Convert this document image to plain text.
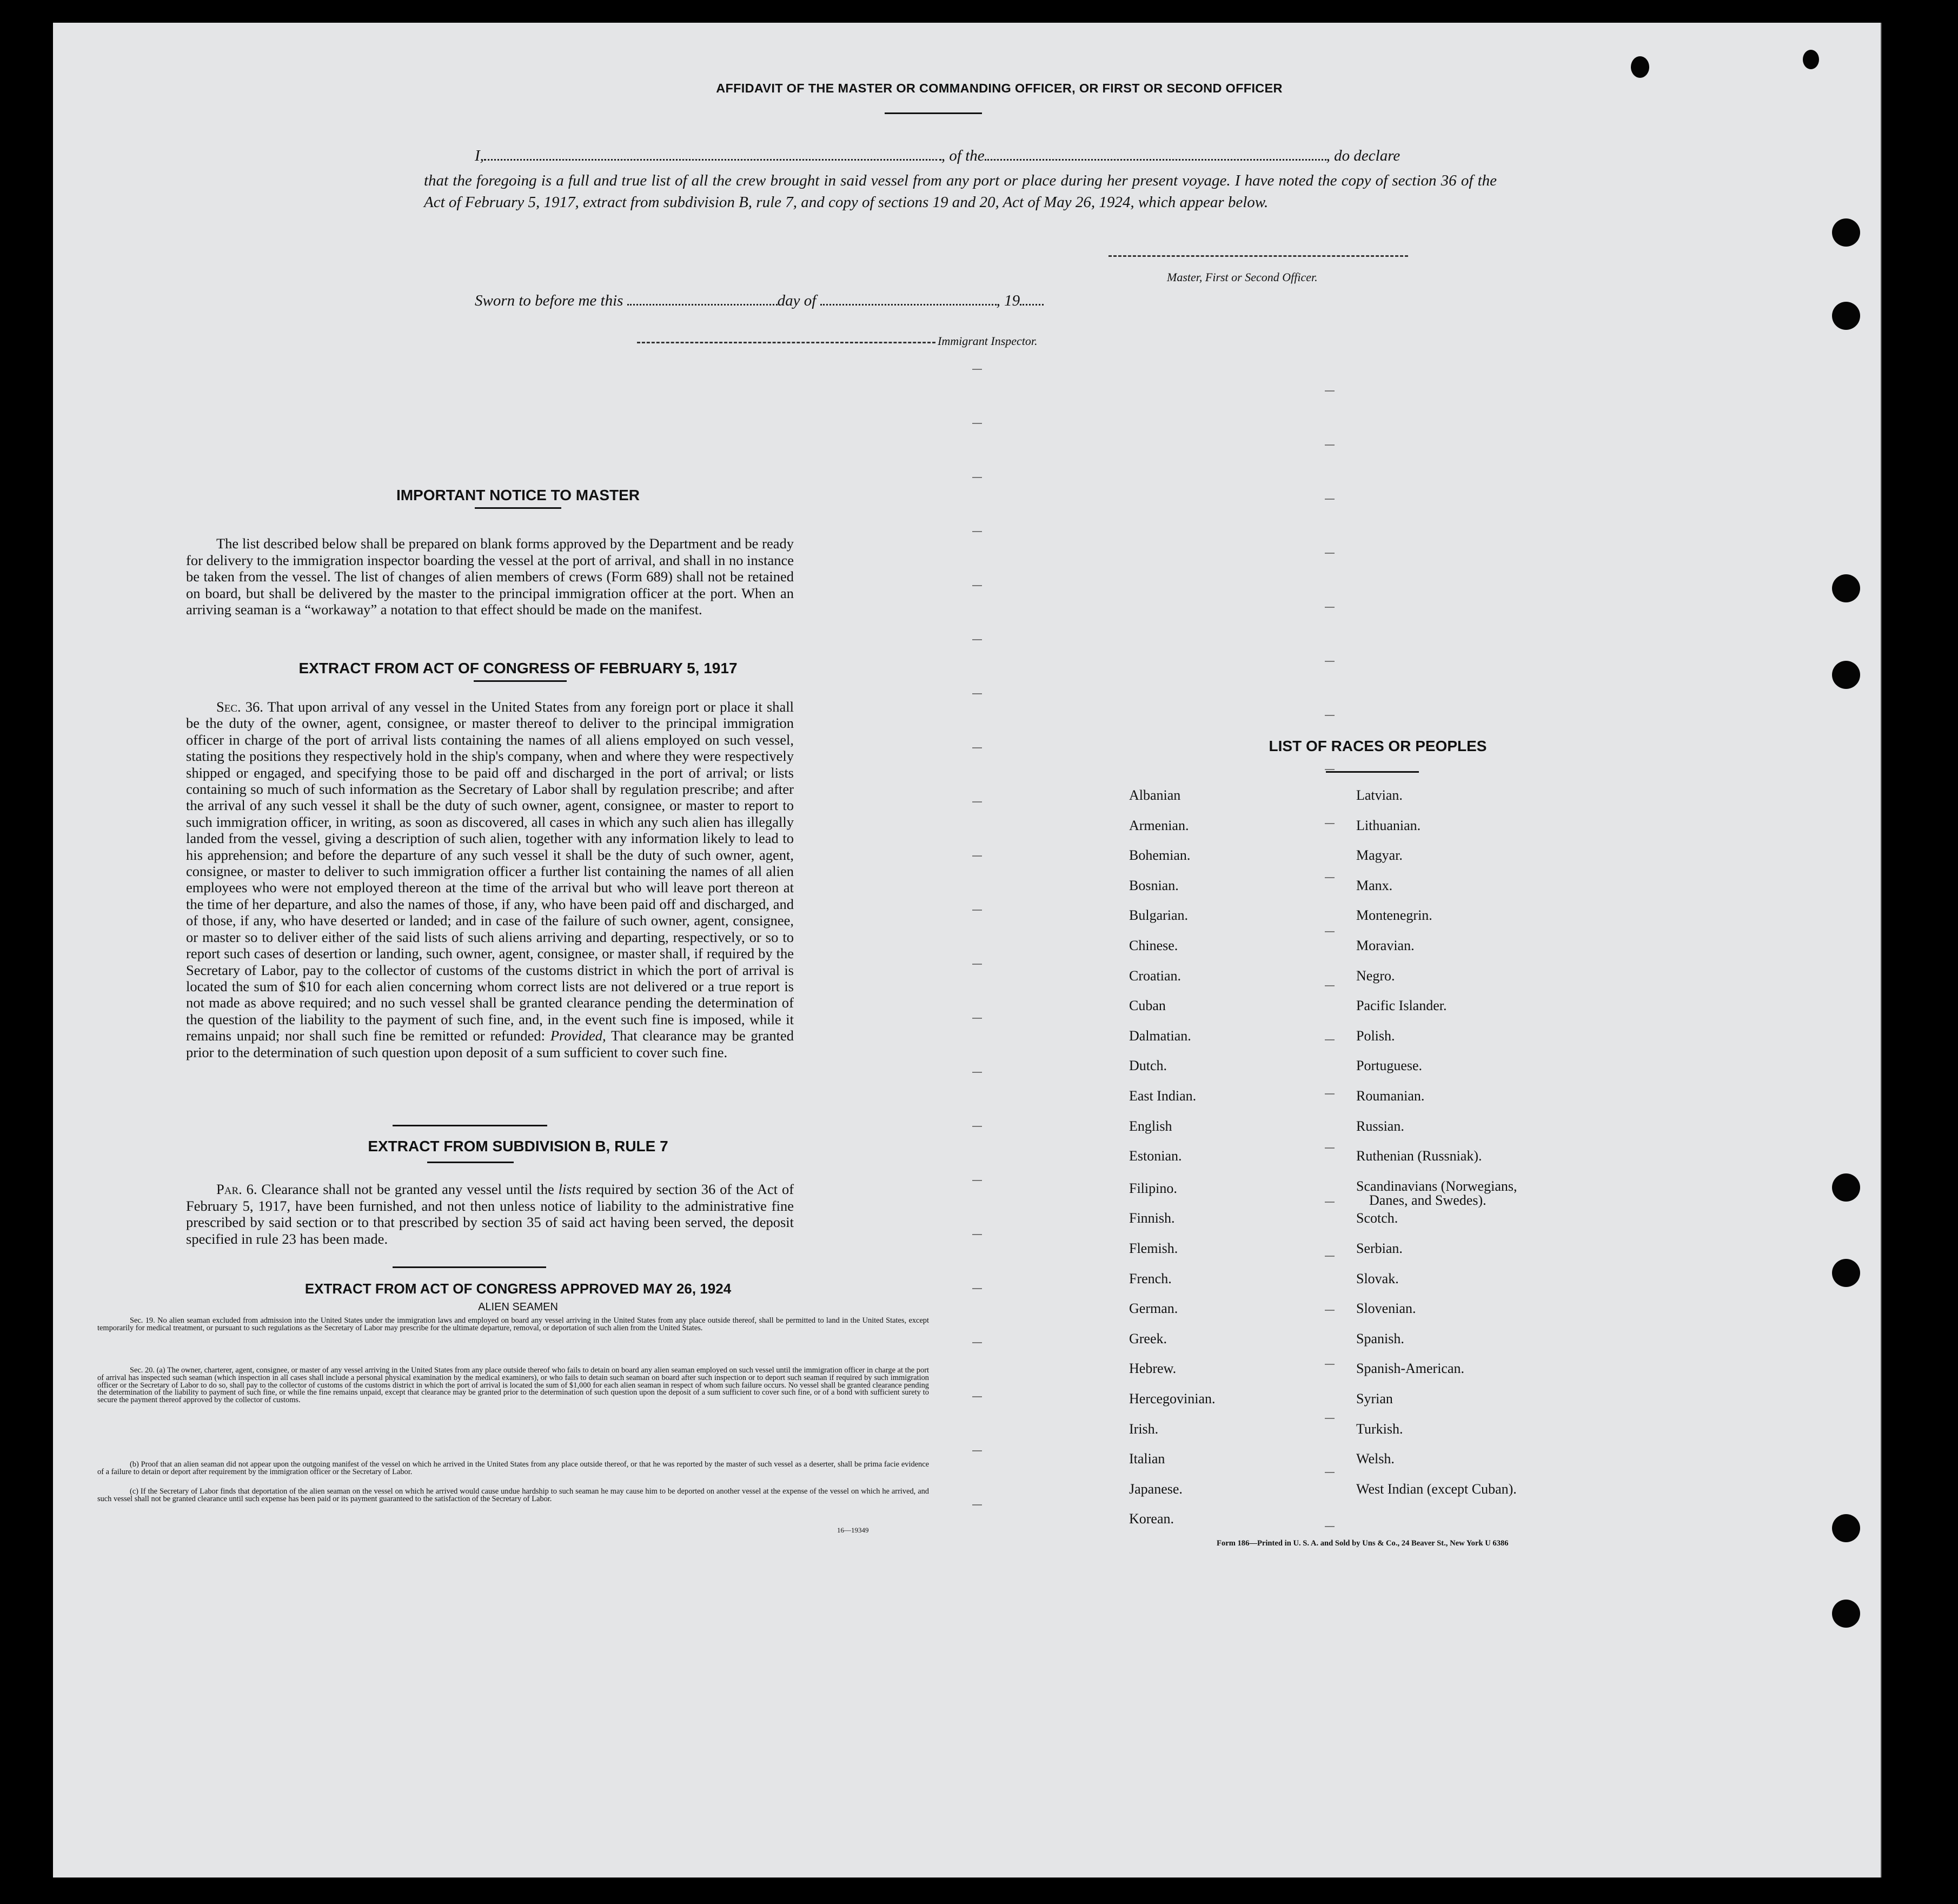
AFFIDAVIT OF THE MASTER OR COMMANDING OFFICER, OR FIRST OR SECOND OFFICER
I,	, of the	, do declare
that the foregoing is a full and true list of all the crew brought in said vessel from any port or place during her present voyage. I have noted the copy of section 36 of the Act of February 5, 1917, extract from subdivision B, rule 7, and copy of sections 19 and 20, Act of May 26, 1924, which appear below.
Master, First or Second Officer.
Sworn to before me this	day of	, 19
Immigrant Inspector.
IMPORTANT NOTICE TO MASTER
The list described below shall be prepared on blank forms approved by the Department and be ready for delivery to the immigration inspector boarding the vessel at the port of arrival, and shall in no instance be taken from the vessel. The list of changes of alien members of crews (Form 689) shall not be retained on board, but shall be delivered by the master to the principal immigration officer at the port. When an arriving seaman is a “workaway” a notation to that effect should be made on the manifest.
EXTRACT FROM ACT OF CONGRESS OF FEBRUARY 5, 1917
Sec. 36. That upon arrival of any vessel in the United States from any foreign port or place it shall be the duty of the owner, agent, consignee, or master thereof to deliver to the principal immigration officer in charge of the port of arrival lists containing the names of all aliens employed on such vessel, stating the positions they respectively hold in the ship's company, when and where they were respectively shipped or engaged, and specifying those to be paid off and discharged in the port of arrival; or lists containing so much of such information as the Secretary of Labor shall by regulation prescribe; and after the arrival of any such vessel it shall be the duty of such owner, agent, consignee, or master to report to such immigration officer, in writing, as soon as discovered, all cases in which any such alien has illegally landed from the vessel, giving a description of such alien, together with any information likely to lead to his apprehension; and before the departure of any such vessel it shall be the duty of such owner, agent, consignee, or master to deliver to such immigration officer a further list containing the names of all alien employees who were not employed thereon at the time of the arrival but who will leave port thereon at the time of her departure, and also the names of those, if any, who have been paid off and discharged, and of those, if any, who have deserted or landed; and in case of the failure of such owner, agent, consignee, or master so to deliver either of the said lists of such aliens arriving and departing, respectively, or so to report such cases of desertion or landing, such owner, agent, consignee, or master shall, if required by the Secretary of Labor, pay to the collector of customs of the customs district in which the port of arrival is located the sum of $10 for each alien concerning whom correct lists are not delivered or a true report is not made as above required; and no such vessel shall be granted clearance pending the determination of the question of the liability to the payment of such fine, and, in the event such fine is imposed, while it remains unpaid; nor shall such fine be remitted or refunded: Provided, That clearance may be granted prior to the determination of such question upon deposit of a sum sufficient to cover such fine.
EXTRACT FROM SUBDIVISION B, RULE 7
Par. 6. Clearance shall not be granted any vessel until the lists required by section 36 of the Act of February 5, 1917, have been furnished, and not then unless notice of liability to the administrative fine prescribed by said section or to that prescribed by section 35 of said act having been served, the deposit specified in rule 23 has been made.
EXTRACT FROM ACT OF CONGRESS APPROVED MAY 26, 1924
ALIEN SEAMEN
Sec. 19. No alien seaman excluded from admission into the United States under the immigration laws and employed on board any vessel arriving in the United States from any place outside thereof, shall be permitted to land in the United States, except temporarily for medical treatment, or pursuant to such regulations as the Secretary of Labor may prescribe for the ultimate departure, removal, or deportation of such alien from the United States.
Sec. 20. (a) The owner, charterer, agent, consignee, or master of any vessel arriving in the United States from any place outside thereof who fails to detain on board any alien seaman employed on such vessel until the immigration officer in charge at the port of arrival has inspected such seaman (which inspection in all cases shall include a personal physical examination by the medical examiners), or who fails to detain such seaman on board after such inspection or to deport such seaman if required by such immigration officer or the Secretary of Labor to do so, shall pay to the collector of customs of the customs district in which the port of arrival is located the sum of $1,000 for each alien seaman in respect of whom such failure occurs. No vessel shall be granted clearance pending the determination of the liability to payment of such fine, or while the fine remains unpaid, except that clearance may be granted prior to the determination of such question upon the deposit of a sum sufficient to cover such fine, or of a bond with sufficient surety to secure the payment thereof approved by the collector of customs.
(b) Proof that an alien seaman did not appear upon the outgoing manifest of the vessel on which he arrived in the United States from any place outside thereof, or that he was reported by the master of such vessel as a deserter, shall be prima facie evidence of a failure to detain or deport after requirement by the immigration officer or the Secretary of Labor.
(c) If the Secretary of Labor finds that deportation of the alien seaman on the vessel on which he arrived would cause undue hardship to such seaman he may cause him to be deported on another vessel at the expense of the vessel on which he arrived, and such vessel shall not be granted clearance until such expense has been paid or its payment guaranteed to the satisfaction of the Secretary of Labor.
16—19349
LIST OF RACES OR PEOPLES
Albanian
Armenian.
Bohemian.
Bosnian.
Bulgarian.
Chinese.
Croatian.
Cuban
Dalmatian.
Dutch.
East Indian.
English
Estonian.
Filipino.
Finnish.
Flemish.
French.
German.
Greek.
Hebrew.
Hercegovinian.
Irish.
Italian
Japanese.
Korean.
Latvian.
Lithuanian.
Magyar.
Manx.
Montenegrin.
Moravian.
Negro.
Pacific Islander.
Polish.
Portuguese.
Roumanian.
Russian.
Ruthenian (Russniak).
Scandinavians (Norwegians,
Danes, and Swedes).
Scotch.
Serbian.
Slovak.
Slovenian.
Spanish.
Spanish-American.
Syrian
Turkish.
Welsh.
West Indian (except Cuban).
Form 186—Printed in U. S. A. and Sold by Uns & Co., 24 Beaver St., New York U 6386
